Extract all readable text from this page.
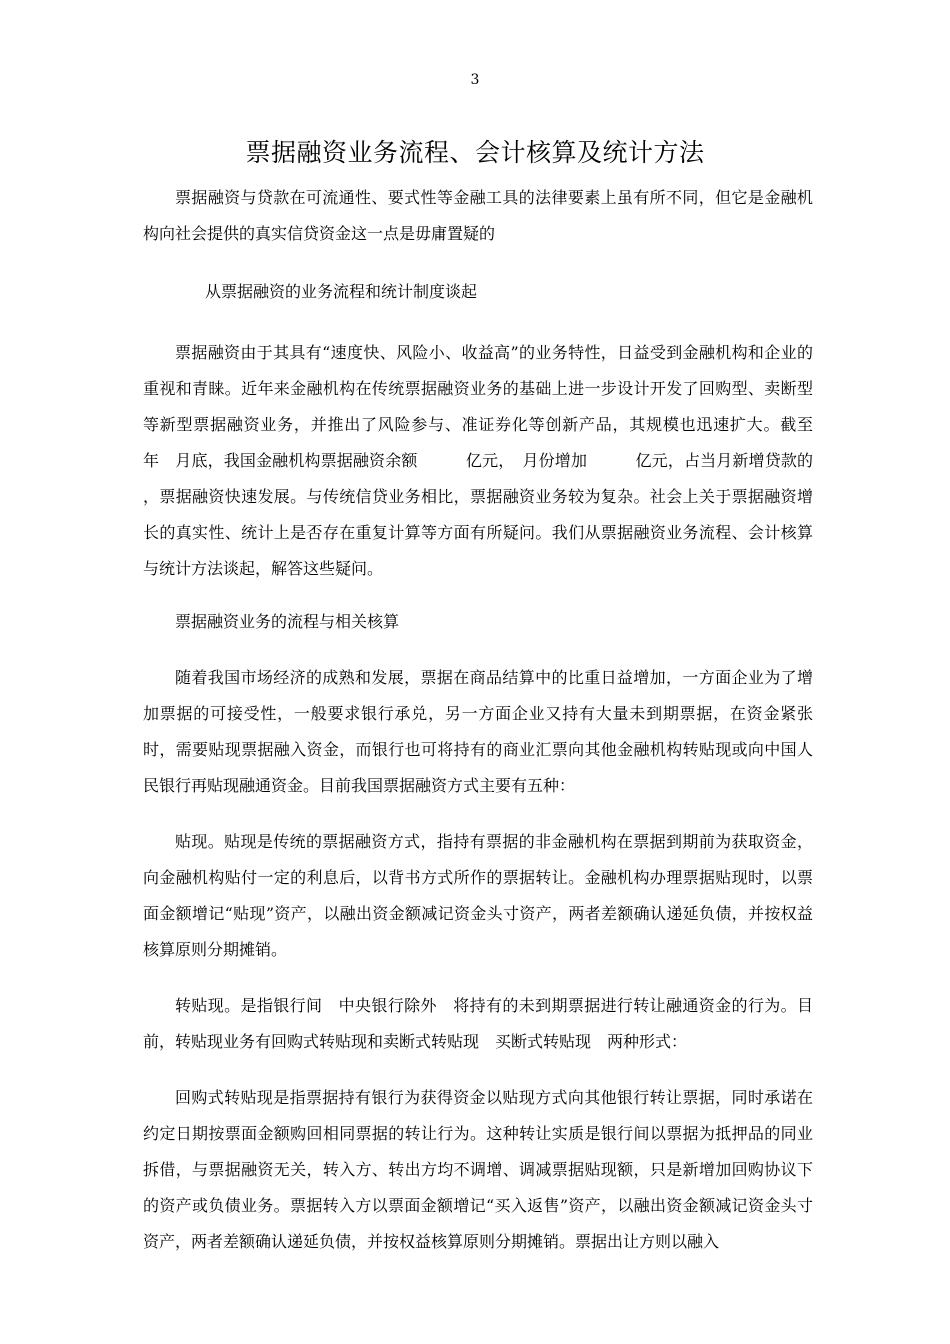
3
票据融资业务流程、会计核算及统计方法

票据融资与贷款在可流通性、要式性等金融工具的法律要素上虽有所不同，但它是金融机构向社会提供的真实信贷资金这一点是毋庸置疑的

从票据融资的业务流程和统计制度谈起

票据融资由于其具有“速度快、风险小、收益高”的业务特性，日益受到金融机构和企业的重视和青睐。近年来金融机构在传统票据融资业务的基础上进一步设计开发了回购型、卖断型等新型票据融资业务，并推出了风险参与、准证券化等创新产品，其规模也迅速扩大。截至　　年　月底，我国金融机构票据融资余额　　　亿元，　月份增加　　　亿元，占当月新增贷款的　　，票据融资快速发展。与传统信贷业务相比，票据融资业务较为复杂。社会上关于票据融资增长的真实性、统计上是否存在重复计算等方面有所疑问。我们从票据融资业务流程、会计核算与统计方法谈起，解答这些疑问。

票据融资业务的流程与相关核算

随着我国市场经济的成熟和发展，票据在商品结算中的比重日益增加，一方面企业为了增加票据的可接受性，一般要求银行承兑，另一方面企业又持有大量未到期票据，在资金紧张时，需要贴现票据融入资金，而银行也可将持有的商业汇票向其他金融机构转贴现或向中国人民银行再贴现融通资金。目前我国票据融资方式主要有五种：

贴现。贴现是传统的票据融资方式，指持有票据的非金融机构在票据到期前为获取资金，向金融机构贴付一定的利息后，以背书方式所作的票据转让。金融机构办理票据贴现时，以票面金额增记“贴现”资产，以融出资金额减记资金头寸资产，两者差额确认递延负债，并按权益核算原则分期摊销。

转贴现。是指银行间　中央银行除外　将持有的未到期票据进行转让融通资金的行为。目前，转贴现业务有回购式转贴现和卖断式转贴现　买断式转贴现　两种形式：

回购式转贴现是指票据持有银行为获得资金以贴现方式向其他银行转让票据，同时承诺在约定日期按票面金额购回相同票据的转让行为。这种转让实质是银行间以票据为抵押品的同业拆借，与票据融资无关，转入方、转出方均不调增、调减票据贴现额，只是新增加回购协议下的资产或负债业务。票据转入方以票面金额增记“买入返售”资产，以融出资金额减记资金头寸资产，两者差额确认递延负债，并按权益核算原则分期摊销。票据出让方则以融入
